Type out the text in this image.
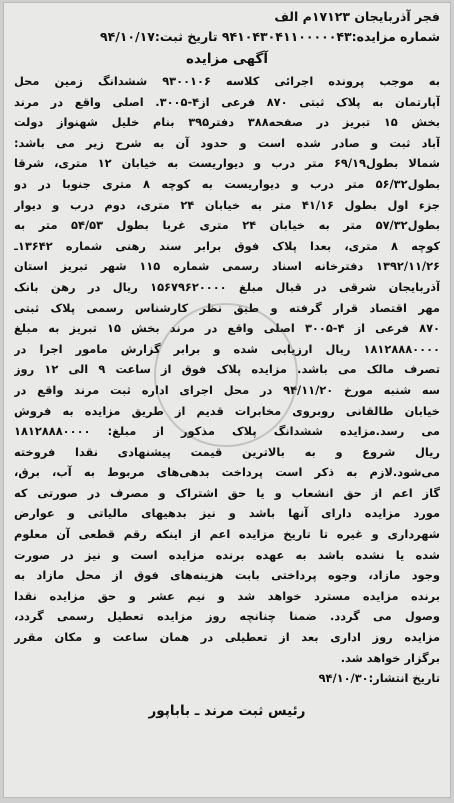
فجر آذربایجان ۱۷۱۲۳م الف
شماره مزایده:۹۴۱۰۴۳۰۴۱۱۰۰۰۰۰۴۳ تاریخ ثبت:۹۴/۱۰/۱۷
آگهی مزایده
به موجب پرونده اجرائی کلاسه ۹۳۰۰۱۰۶ ششدانگ زمین محل
آپارتمان به پلاک ثبتی ۸۷۰ فرعی از۴-۳۰۰۵. اصلی واقع در مرند
بخش ۱۵ تبریز در صفحه۳۸۸ دفتر۳۹۵ بنام خلیل شهنواز دولت
آباد ثبت و صادر شده است و حدود آن به شرح زیر می باشد:
شمالا بطول۶۹/۱۹ متر درب و دیواریست به خیابان ۱۲ متری، شرقا
بطول۵۶/۳۲ متر درب و دیواریست به کوچه ۸ متری جنوبا در دو
جزء اول بطول ۴۱/۱۶ متر به خیابان ۲۴ متری، دوم درب و دیوار
بطول۵۷/۳۲ متر به خیابان ۲۴ متری غربا بطول ۵۴/۵۳ متر به
کوچه ۸ متری، بعدا پلاک فوق برابر سند رهنی شماره ۱۳۶۴۲ـ
۱۳۹۲/۱۱/۲۶ دفترخانه اسناد رسمی شماره ۱۱۵ شهر تبریز استان
آذربایجان شرقی در قبال مبلغ ۱۵۶۷۹۶۲۰۰۰۰ ریال در رهن بانک
مهر اقتصاد قرار گرفته و طبق نظر کارشناس رسمی پلاک ثبتی
۸۷۰ فرعی از ۴-۳۰۰۵ اصلی واقع در مرند بخش ۱۵ تبریز به مبلغ
۱۸۱۲۸۸۸۰۰۰۰ ریال ارزیابی شده و برابر گزارش مامور اجرا در
تصرف مالک می باشد. مزایده پلاک فوق از ساعت ۹ الی ۱۲ روز
سه شنبه مورخ ۹۴/۱۱/۲۰ در محل اجرای اداره ثبت مرند واقع در
خیابان طالقانی روبروی مخابرات قدیم از طریق مزایده به فروش
می رسد.مزایده ششدانگ پلاک مذکور از مبلغ: ۱۸۱۲۸۸۸۰۰۰۰
ریال شروع و به بالاترین قیمت پیشنهادی نقدا فروخته
می‌شود.لازم به ذکر است پرداخت بدهی‌های مربوط به آب، برق،
گاز اعم از حق انشعاب و یا حق اشتراک و مصرف در صورتی که
مورد مزایده دارای آنها باشد و نیز بدهیهای مالیاتی و عوارض
شهرداری و غیره تا تاریخ مزایده اعم از اینکه رقم قطعی آن معلوم
شده یا نشده باشد به عهده برنده مزایده است و نیز در صورت
وجود مازاد، وجوه پرداختی بابت هزینه‌های فوق از محل مازاد به
برنده مزایده مسترد خواهد شد و نیم عشر و حق مزایده نقدا
وصول می گردد. ضمنا چنانچه روز مزایده تعطیل رسمی گردد،
مزایده روز اداری بعد از تعطیلی در همان ساعت و مکان مقرر
برگزار خواهد شد.
تاریخ انتشار:۹۴/۱۰/۳۰
رئیس ثبت مرند ـ باباپور
